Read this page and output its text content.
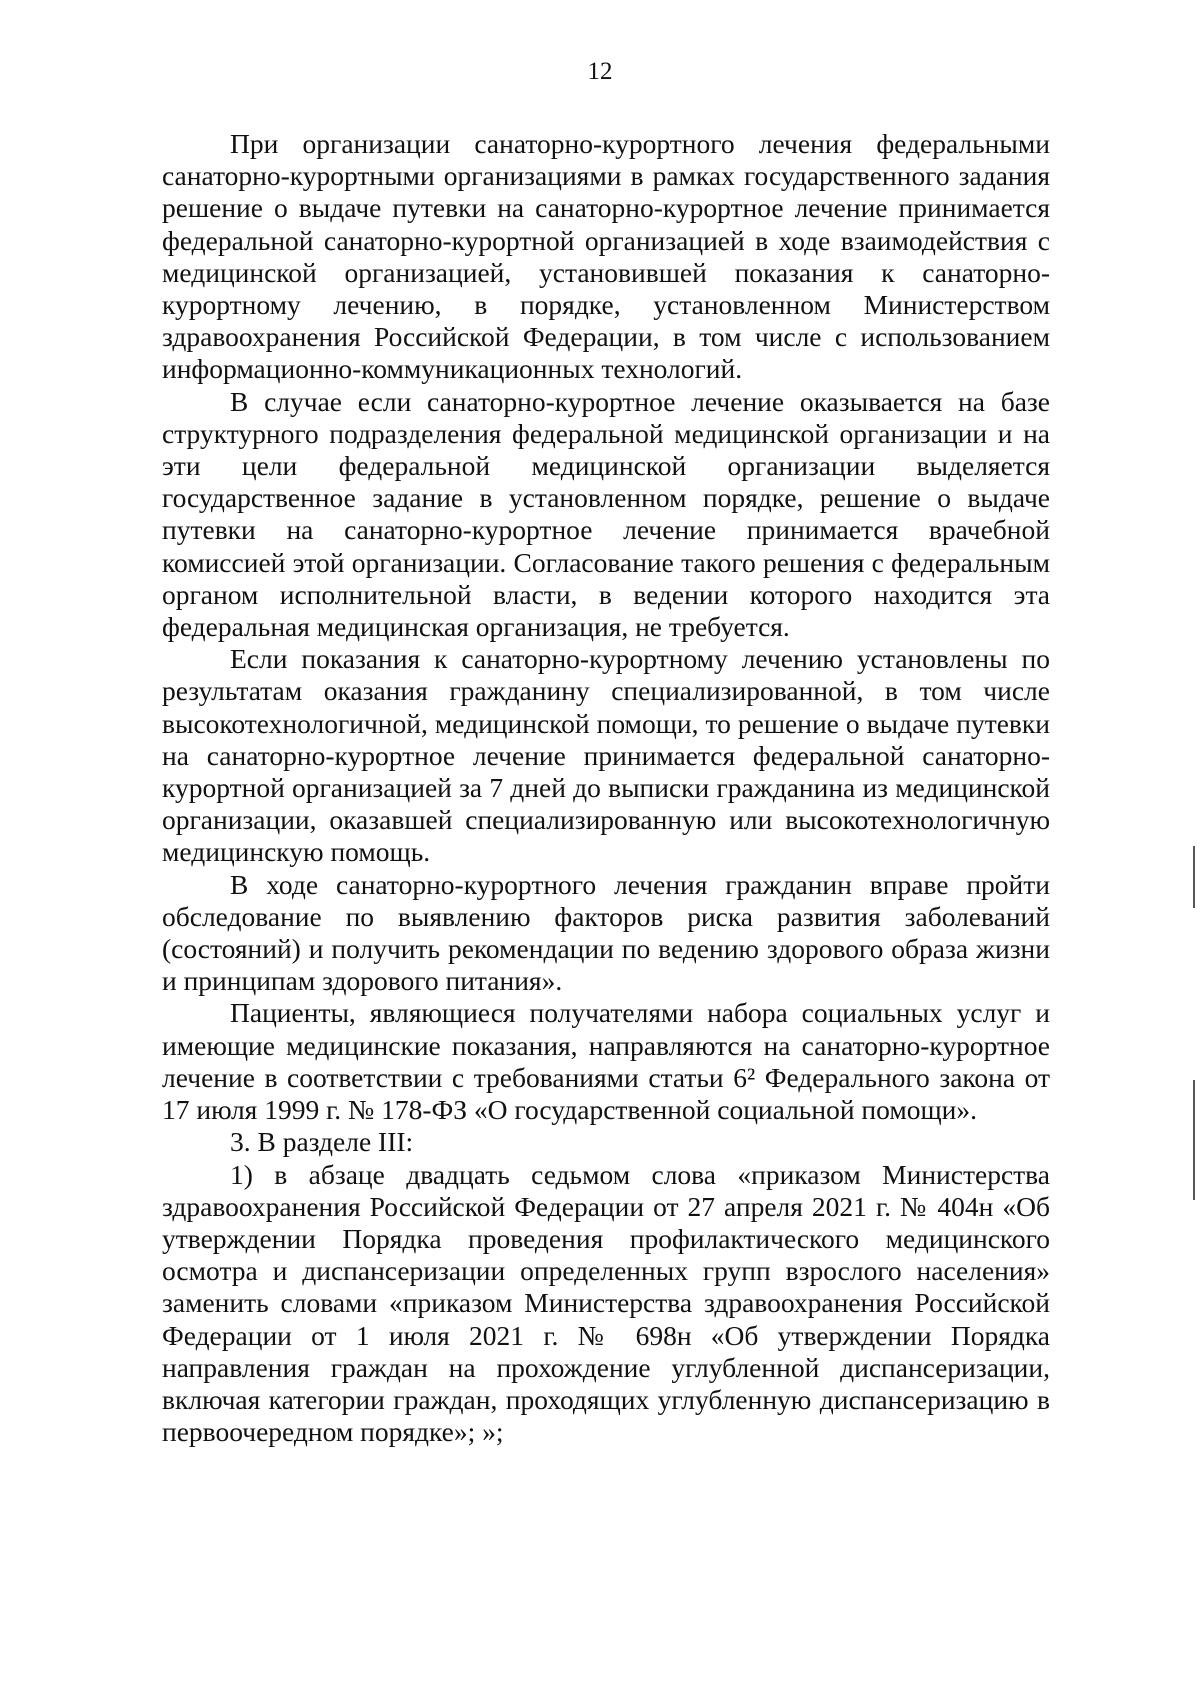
12

При организации санаторно-курортного лечения федеральными санаторно-курортными организациями в рамках государственного задания решение о выдаче путевки на санаторно-курортное лечение принимается федеральной санаторно-курортной организацией в ходе взаимодействия с медицинской организацией, установившей показания к санаторно-курортному лечению, в порядке, установленном Министерством здравоохранения Российской Федерации, в том числе с использованием информационно-коммуникационных технологий.

В случае если санаторно-курортное лечение оказывается на базе структурного подразделения федеральной медицинской организации и на эти цели федеральной медицинской организации выделяется государственное задание в установленном порядке, решение о выдаче путевки на санаторно-курортное лечение принимается врачебной комиссией этой организации. Согласование такого решения с федеральным органом исполнительной власти, в ведении которого находится эта федеральная медицинская организация, не требуется.

Если показания к санаторно-курортному лечению установлены по результатам оказания гражданину специализированной, в том числе высокотехнологичной, медицинской помощи, то решение о выдаче путевки на санаторно-курортное лечение принимается федеральной санаторно-курортной организацией за 7 дней до выписки гражданина из медицинской организации, оказавшей специализированную или высокотехнологичную медицинскую помощь.

В ходе санаторно-курортного лечения гражданин вправе пройти обследование по выявлению факторов риска развития заболеваний (состояний) и получить рекомендации по ведению здорового образа жизни и принципам здорового питания».

Пациенты, являющиеся получателями набора социальных услуг и имеющие медицинские показания, направляются на санаторно-курортное лечение в соответствии с требованиями статьи 6² Федерального закона от 17 июля 1999 г. № 178-ФЗ «О государственной социальной помощи».

3. В разделе III:

1) в абзаце двадцать седьмом слова «приказом Министерства здравоохранения Российской Федерации от 27 апреля 2021 г. № 404н «Об утверждении Порядка проведения профилактического медицинского осмотра и диспансеризации определенных групп взрослого населения» заменить словами «приказом Министерства здравоохранения Российской Федерации от 1 июля 2021 г. № 698н «Об утверждении Порядка направления граждан на прохождение углубленной диспансеризации, включая категории граждан, проходящих углубленную диспансеризацию в первоочередном порядке»; »;
